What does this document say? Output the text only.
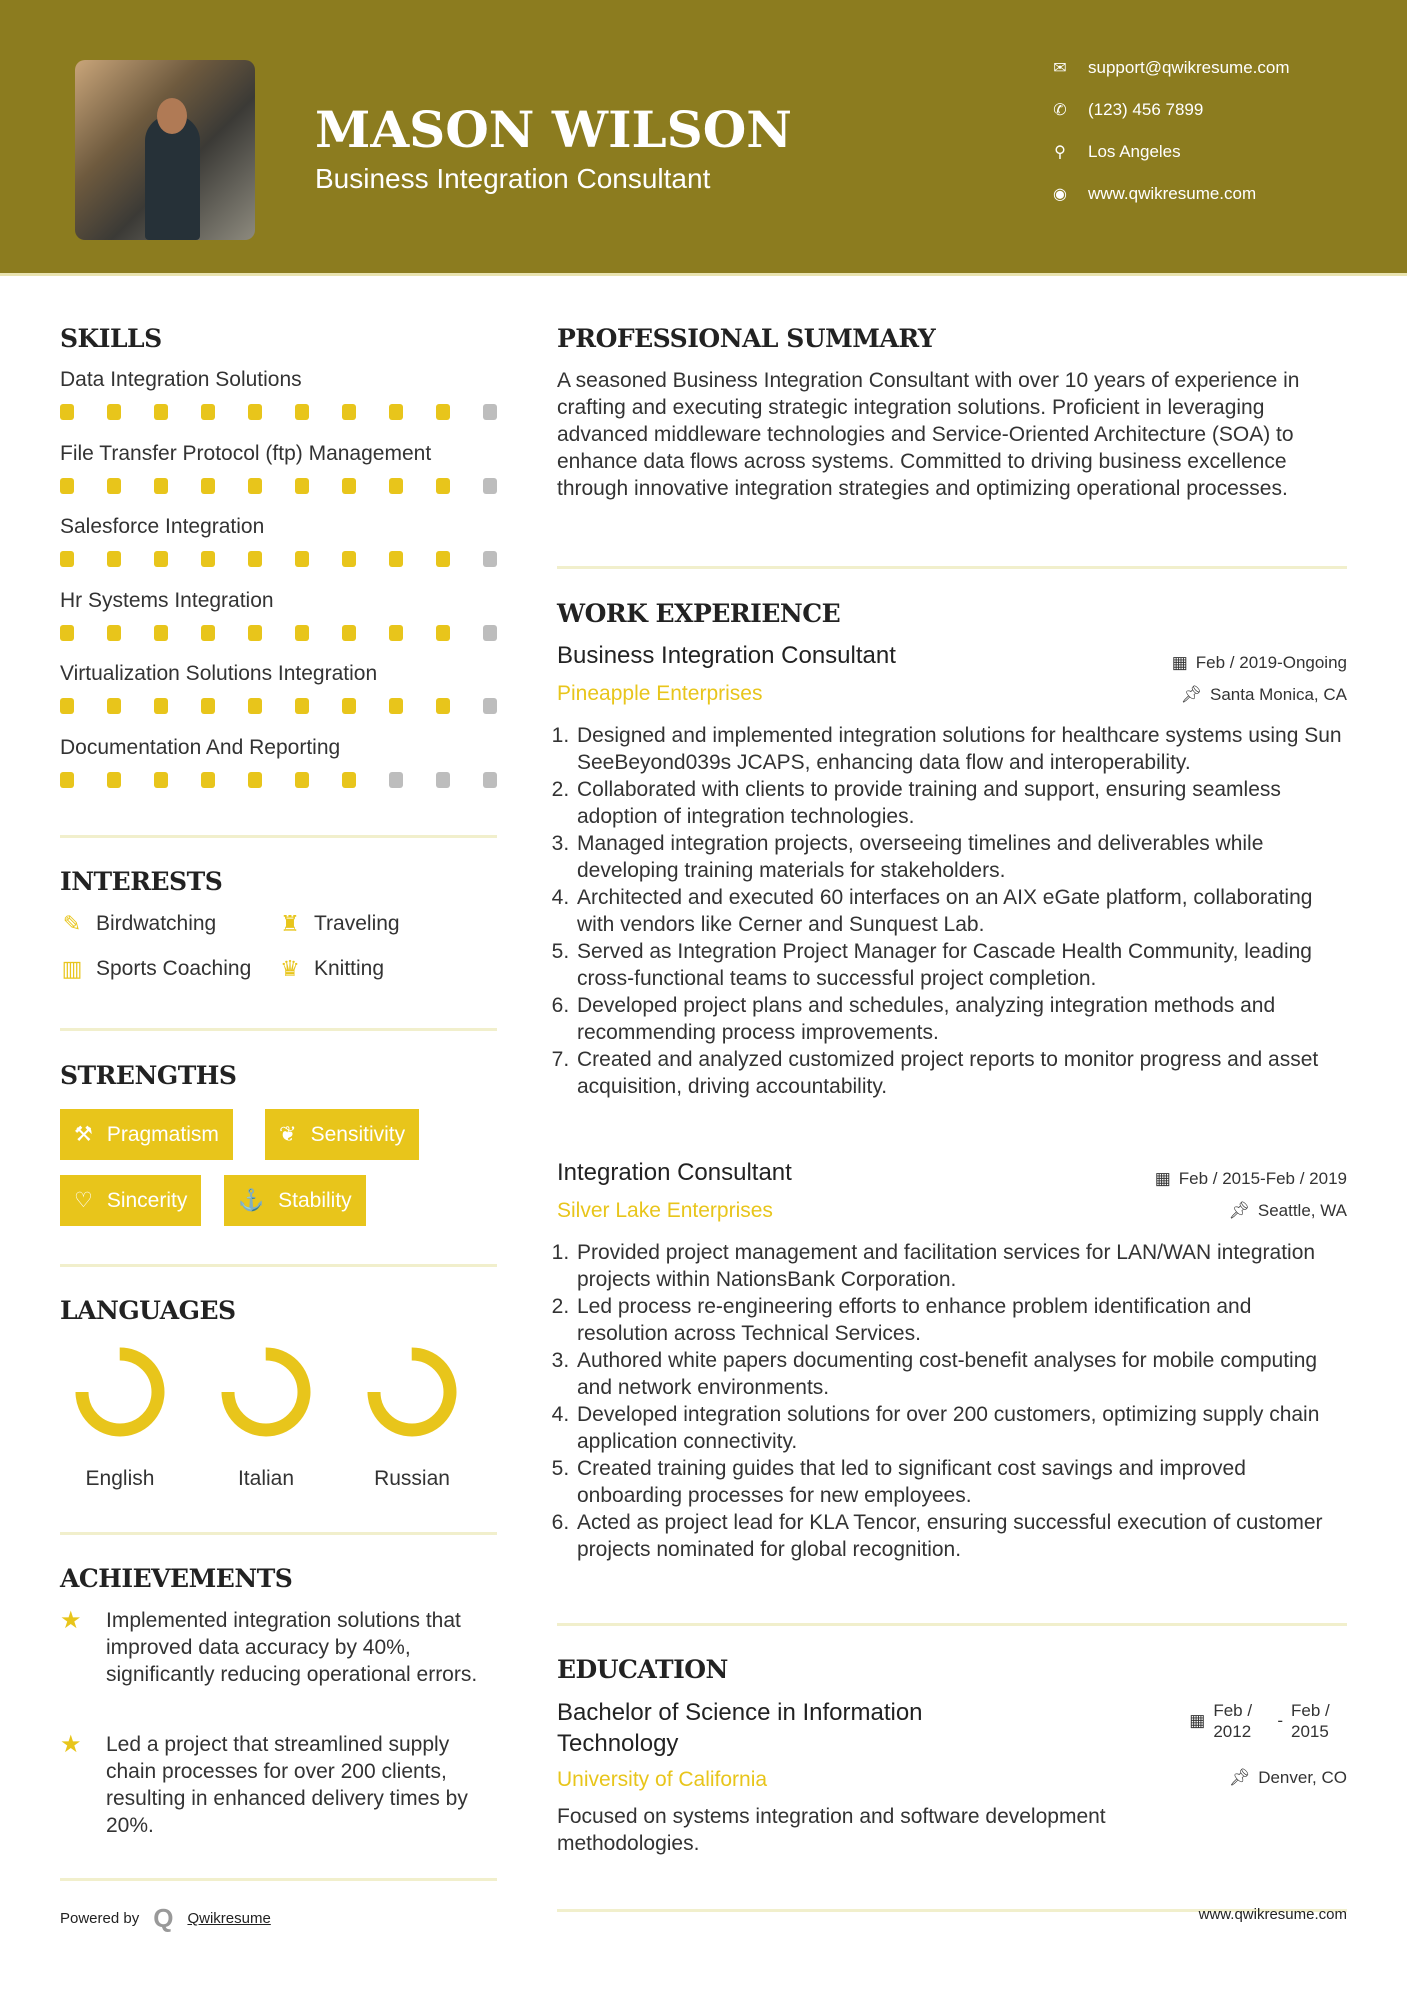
MASON WILSON
Business Integration Consultant
✉ support@qwikresume.com
✆ (123) 456 7899
⚲ Los Angeles
◉ www.qwikresume.com
SKILLS
Data Integration Solutions
File Transfer Protocol (ftp) Management
Salesforce Integration
Hr Systems Integration
Virtualization Solutions Integration
Documentation And Reporting
INTERESTS
✎ Birdwatching	♜ Traveling
▥ Sports Coaching ♛ Knitting
STRENGTHS
⚒ Pragmatism	❦ Sensitivity
♡ Sincerity ⚓ Stability
LANGUAGES
English	Italian	Russian
ACHIEVEMENTS
★	Implemented integration solutions that improved data accuracy by 40%, significantly reducing operational errors.
★	Led a project that streamlined supply chain processes for over 200 clients, resulting in enhanced delivery times by 20%.
Powered by Q Qwikresume
PROFESSIONAL SUMMARY
A seasoned Business Integration Consultant with over 10 years of experience in crafting and executing strategic integration solutions. Proficient in leveraging advanced middleware technologies and Service-Oriented Architecture (SOA) to enhance data flows across systems. Committed to driving business excellence through innovative integration strategies and optimizing operational processes.
WORK EXPERIENCE
Business Integration Consultant	▦ Feb / 2019-Ongoing
Pineapple Enterprises	📌︎ Santa Monica, CA
1. Designed and implemented integration solutions for healthcare systems using Sun SeeBeyond039s JCAPS, enhancing data flow and interoperability.
2. Collaborated with clients to provide training and support, ensuring seamless adoption of integration technologies.
3. Managed integration projects, overseeing timelines and deliverables while developing training materials for stakeholders.
4. Architected and executed 60 interfaces on an AIX eGate platform, collaborating with vendors like Cerner and Sunquest Lab.
5. Served as Integration Project Manager for Cascade Health Community, leading cross-functional teams to successful project completion.
6. Developed project plans and schedules, analyzing integration methods and recommending process improvements.
7. Created and analyzed customized project reports to monitor progress and asset acquisition, driving accountability.
Integration Consultant	▦ Feb / 2015-Feb / 2019
Silver Lake Enterprises	📌︎ Seattle, WA
1. Provided project management and facilitation services for LAN/WAN integration projects within NationsBank Corporation.
2. Led process re-engineering efforts to enhance problem identification and resolution across Technical Services.
3. Authored white papers documenting cost-benefit analyses for mobile computing and network environments.
4. Developed integration solutions for over 200 customers, optimizing supply chain application connectivity.
5. Created training guides that led to significant cost savings and improved onboarding processes for new employees.
6. Acted as project lead for KLA Tencor, ensuring successful execution of customer projects nominated for global recognition.
EDUCATION
Bachelor of Science in Information Technology
▦
Feb / 2012
-
Feb / 2015
University of California	📌︎ Denver, CO
Focused on systems integration and software development methodologies.
www.qwikresume.com
